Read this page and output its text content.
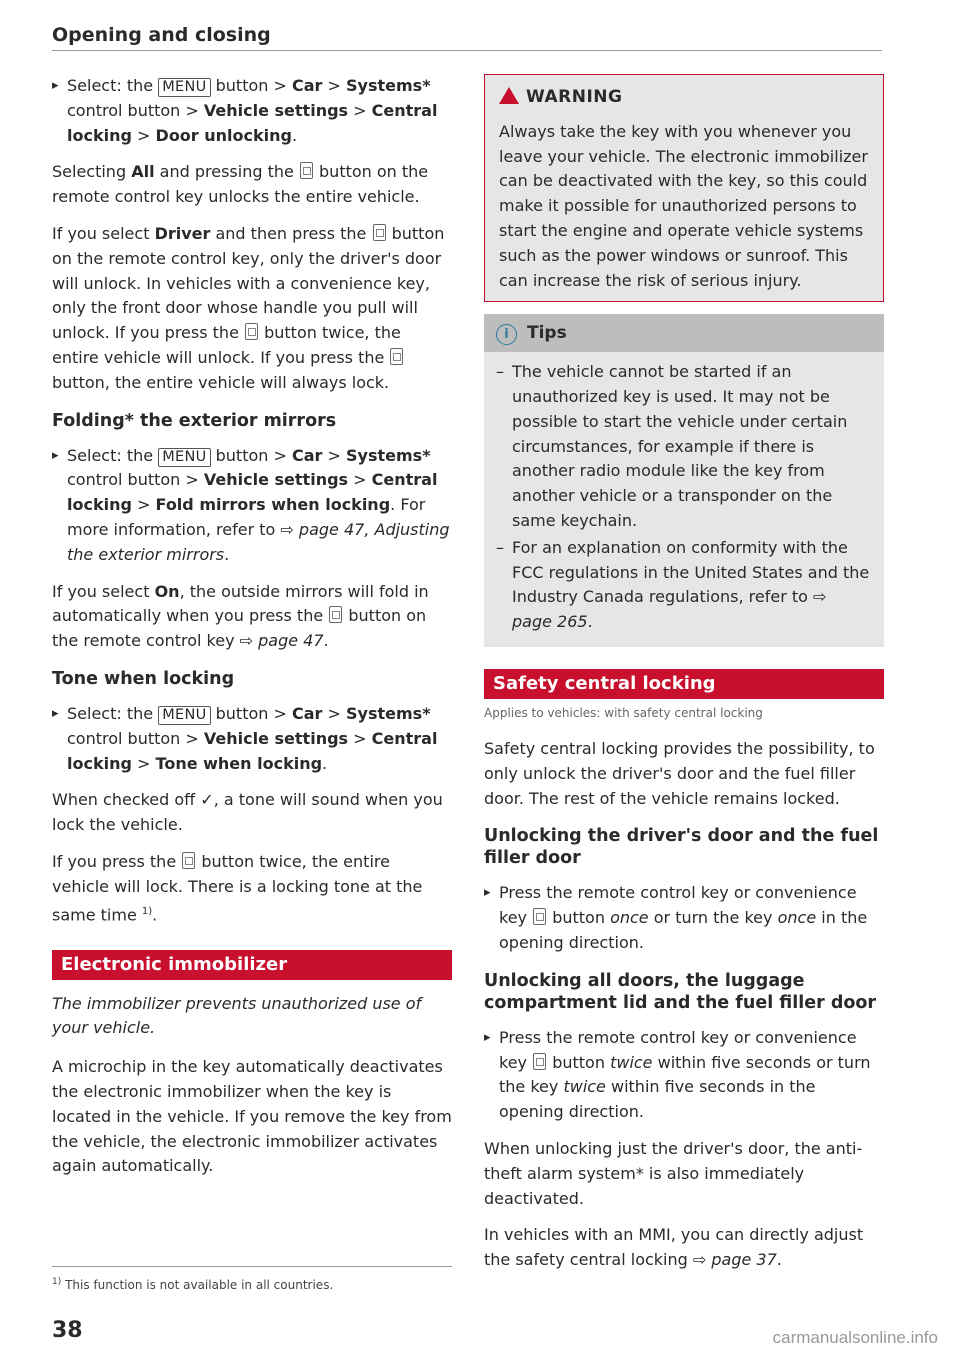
Opening and closing
▸ Select: the MENU button > Car > Systems* control button > Vehicle settings > Central locking > Door unlocking.

Selecting All and pressing the button on the remote control key unlocks the entire vehicle.

If you select Driver and then press the button on the remote control key, only the driver's door will unlock. In vehicles with a convenience key, only the front door whose handle you pull will unlock. If you press the button twice, the entire vehicle will unlock. If you press the  button, the entire vehicle will always lock.

Folding* the exterior mirrors
▸ Select: the MENU button > Car > Systems* control button > Vehicle settings > Central locking > Fold mirrors when locking. For more information, refer to ⇨ page 47, Adjusting the exterior mirrors.

If you select On, the outside mirrors will fold in automatically when you press the button on the remote control key ⇨ page 47.

Tone when locking
▸ Select: the MENU button > Car > Systems* control button > Vehicle settings > Central locking > Tone when locking.

When checked off ✓, a tone will sound when you lock the vehicle.

If you press the button twice, the entire vehicle will lock. There is a locking tone at the same time $^{1)}$.

Electronic immobilizer

The immobilizer prevents unauthorized use of your vehicle.

A microchip in the key automatically deactivates the electronic immobilizer when the key is located in the vehicle. If you remove the key from the vehicle, the electronic immobilizer activates again automatically.

WARNING
Always take the key with you whenever you leave your vehicle. The electronic immobilizer can be deactivated with the key, so this could make it possible for unauthorized persons to start the engine and operate vehicle systems such as the power windows or sunroof. This can increase the risk of serious injury.
i Tips
– The vehicle cannot be started if an unauthorized key is used. It may not be possible to start the vehicle under certain circumstances, for example if there is another radio module like the key from another vehicle or a transponder on the same keychain.
– For an explanation on conformity with the FCC regulations in the United States and the Industry Canada regulations, refer to ⇨ page 265.
Safety central locking
Applies to vehicles: with safety central locking

Safety central locking provides the possibility, to only unlock the driver's door and the fuel filler door. The rest of the vehicle remains locked.

Unlocking the driver's door and the fuel filler door
▸ Press the remote control key or convenience key button once or turn the key once in the opening direction.
Unlocking all doors, the luggage compartment lid and the fuel filler door
▸ Press the remote control key or convenience key button twice within five seconds or turn the key twice within five seconds in the opening direction.

When unlocking just the driver's door, the anti-theft alarm system* is also immediately deactivated.

In vehicles with an MMI, you can directly adjust the safety central locking ⇨ page 37.

$^{1)}$ This function is not available in all countries.
38	carmanualsonline.info
